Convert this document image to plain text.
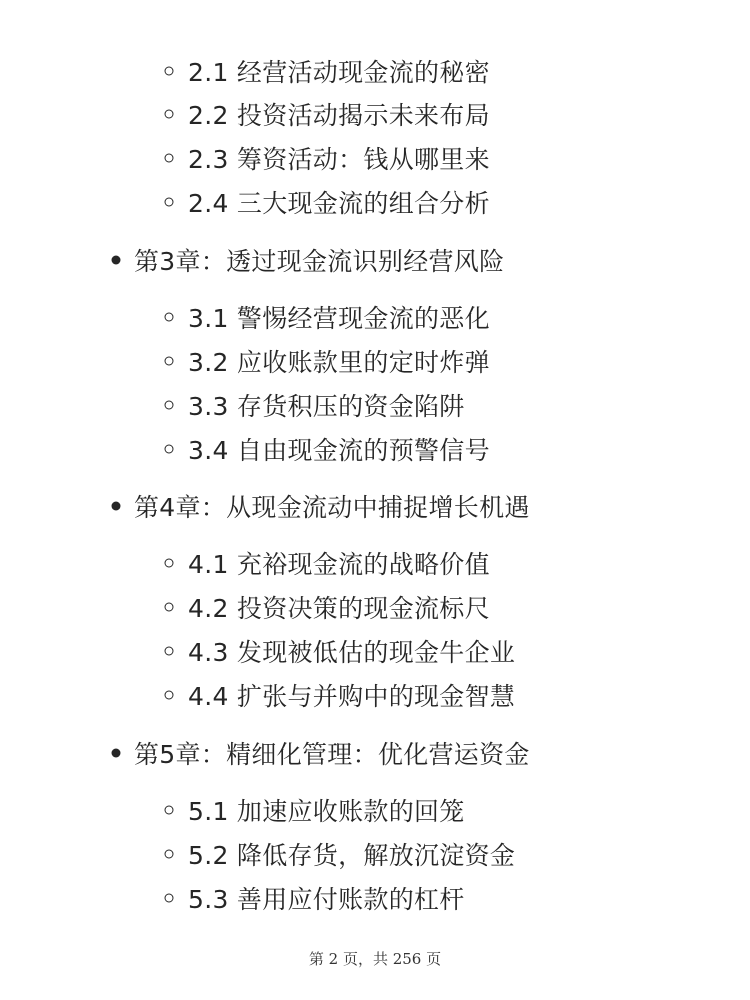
2.1 经营活动现金流的秘密
2.2 投资活动揭示未来布局
2.3 筹资活动：钱从哪里来
2.4 三大现金流的组合分析
第3章：透过现金流识别经营风险
3.1 警惕经营现金流的恶化
3.2 应收账款里的定时炸弹
3.3 存货积压的资金陷阱
3.4 自由现金流的预警信号
第4章：从现金流动中捕捉增长机遇
4.1 充裕现金流的战略价值
4.2 投资决策的现金流标尺
4.3 发现被低估的现金牛企业
4.4 扩张与并购中的现金智慧
第5章：精细化管理：优化营运资金
5.1 加速应收账款的回笼
5.2 降低存货，解放沉淀资金
5.3 善用应付账款的杠杆
第 2 页，共 256 页
